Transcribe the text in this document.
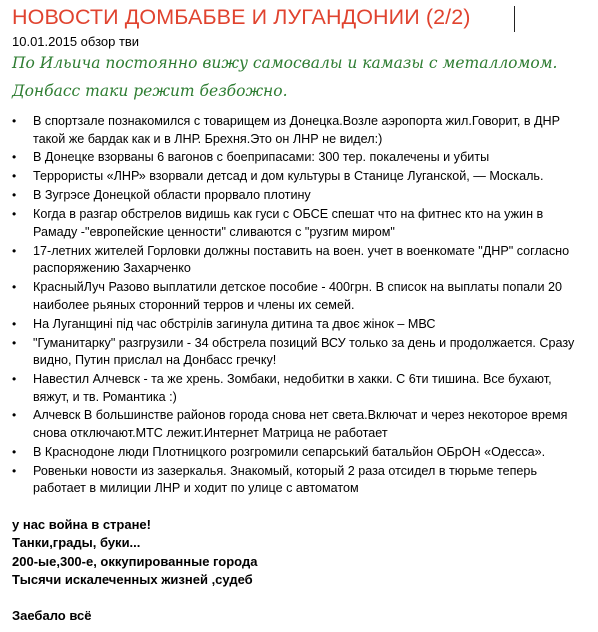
НОВОСТИ ДОМБАБВЕ И ЛУГАНДОНИИ (2/2)
10.01.2015 обзор тви
По Ильича постоянно вижу самосвалы и камазы с металломом.
Донбасс таки режит безбожно.
• В спортзале познакомился с товарищем из Донецка.Возле аэропорта жил.Говорит, в ДНР такой же бардак как и в ЛНР. Брехня.Это он ЛНР не видел:)
• В Донецке взорваны 6 вагонов с боеприпасами: 300 тер. покалечены и убиты
• Террористы «ЛНР» взорвали детсад и дом культуры в Станице Луганской, — Москаль.
• В Зугрэсе Донецкой области прорвало плотину
• Когда в разгар обстрелов видишь как гуси с ОБСЕ спешат что на фитнес кто на ужин в Рамаду -"европейские ценности" сливаются с "рузгим миром"
• 17-летних жителей Горловки должны поставить на воен. учет в военкомате "ДНР" согласно распоряжению Захарченко
• КрасныйЛуч Разово выплатили детское пособие - 400грн. В список на выплаты попали 20 наиболее рьяных сторонний терров и члены их семей.
• На Луганщині під час обстрілів загинула дитина та двоє жінок – МВС
• "Гуманитарку" разгрузили - 34 обстрела позиций ВСУ только за день и продолжается. Сразу видно, Путин прислал на Донбасс гречку!
• Навестил Алчевск - та же хрень. Зомбаки, недобитки в хакки. С 6ти тишина. Все бухают, вяжут, и тв. Романтика :)
• Алчевск В большинстве районов города снова нет света.Включат и через некоторое время снова отключают.МТС лежит.Интернет Матрица не работает
• В Краснодоне люди Плотницкого розгромили сепарський батальйон ОБрОН «Одесса».
• Ровеньки новости из зазеркалья. Знакомый, который 2 раза отсидел в тюрьме теперь работает в милиции ЛНР и ходит по улице с автоматом
у нас война в стране!
Танки,грады, буки...
200-ые,300-е, оккупированные города
Тысячи искалеченных жизней ,судеб
Заебало всё
